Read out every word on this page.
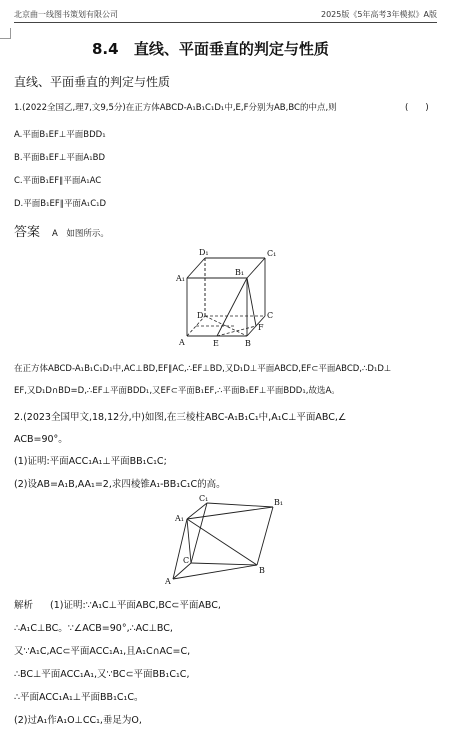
北京曲一线图书策划有限公司	2025版《5年高考3年模拟》A版
8.4 直线、平面垂直的判定与性质
直线、平面垂直的判定与性质
1.(2022全国乙,理7,文9,5分)在正方体ABCD-A₁B₁C₁D₁中,E,F分别为AB,BC的中点,则	(　　)
A.平面B₁EF⊥平面BDD₁
B.平面B₁EF⊥平面A₁BD
C.平面B₁EF∥平面A₁AC
D.平面B₁EF∥平面A₁C₁D
答案 A　如图所示。
D₁	C₁
A₁
B₁
D	C
A	B
E
F
在正方体ABCD-A₁B₁C₁D₁中,AC⊥BD,EF∥AC,∴EF⊥BD,又D₁D⊥平面ABCD,EF⊂平面ABCD,∴D₁D⊥
EF,又D₁D∩BD=D,∴EF⊥平面BDD₁,又EF⊂平面B₁EF,∴平面B₁EF⊥平面BDD₁,故选A。
2.(2023全国甲文,18,12分,中)如图,在三棱柱ABC-A₁B₁C₁中,A₁C⊥平面ABC,∠
ACB=90°。
(1)证明:平面ACC₁A₁⊥平面BB₁C₁C;
(2)设AB=A₁B,AA₁=2,求四棱锥A₁-BB₁C₁C的高。
C₁	B₁
A₁
C
B
A
解析 (1)证明:∵A₁C⊥平面ABC,BC⊂平面ABC,
∴A₁C⊥BC。∵∠ACB=90°,∴AC⊥BC,
又∵A₁C,AC⊂平面ACC₁A₁,且A₁C∩AC=C,
∴BC⊥平面ACC₁A₁,又∵BC⊂平面BB₁C₁C,
∴平面ACC₁A₁⊥平面BB₁C₁C。
(2)过A₁作A₁O⊥CC₁,垂足为O,
